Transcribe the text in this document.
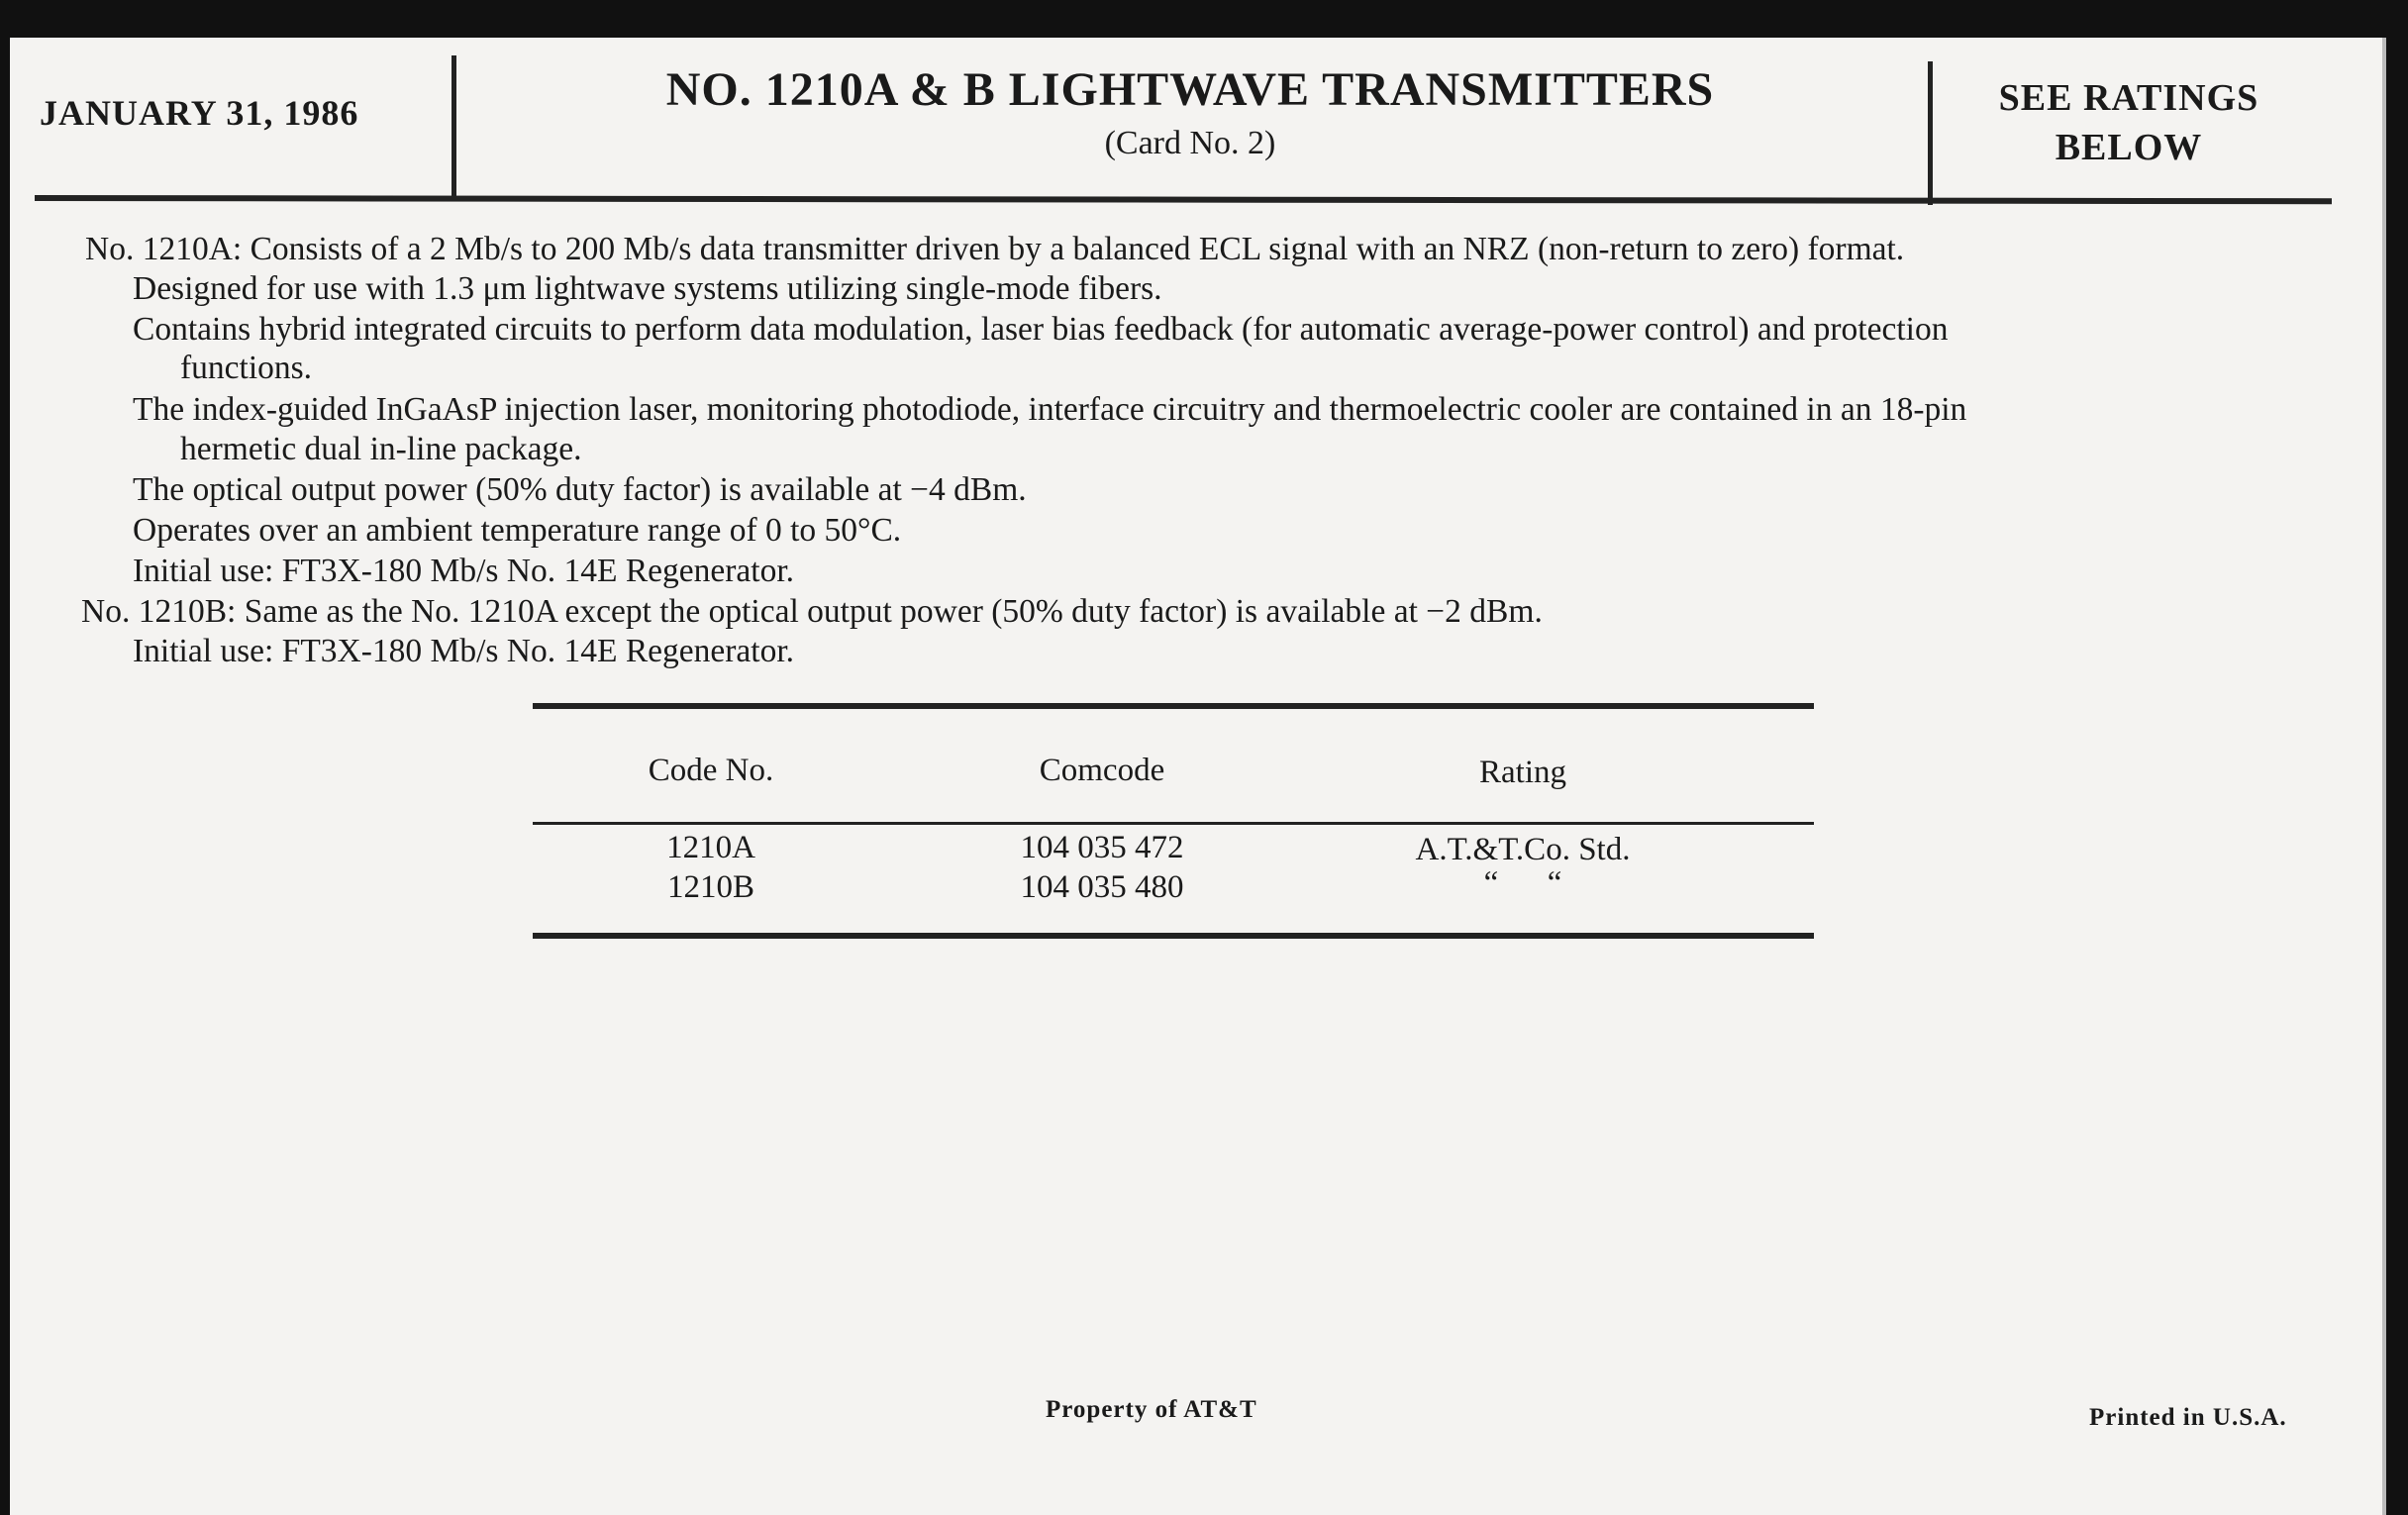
JANUARY 31, 1986	NO. 1210A & B LIGHTWAVE TRANSMITTERS
(Card No. 2)
SEE RATINGS
BELOW
No. 1210A: Consists of a 2 Mb/s to 200 Mb/s data transmitter driven by a balanced ECL signal with an NRZ (non-return to zero) format.
Designed for use with 1.3 μm lightwave systems utilizing single-mode fibers.
Contains hybrid integrated circuits to perform data modulation, laser bias feedback (for automatic average-power control) and protection
functions.
The index-guided InGaAsP injection laser, monitoring photodiode, interface circuitry and thermoelectric cooler are contained in an 18-pin
hermetic dual in-line package.
The optical output power (50% duty factor) is available at −4 dBm.
Operates over an ambient temperature range of 0 to 50°C.
Initial use: FT3X-180 Mb/s No. 14E Regenerator.
No. 1210B: Same as the No. 1210A except the optical output power (50% duty factor) is available at −2 dBm.
Initial use: FT3X-180 Mb/s No. 14E Regenerator.
Code No.	Comcode	Rating
1210A	104 035 472	A.T.&T.Co. Std.
1210B	104 035 480	“      “
Property of AT&T	Printed in U.S.A.
